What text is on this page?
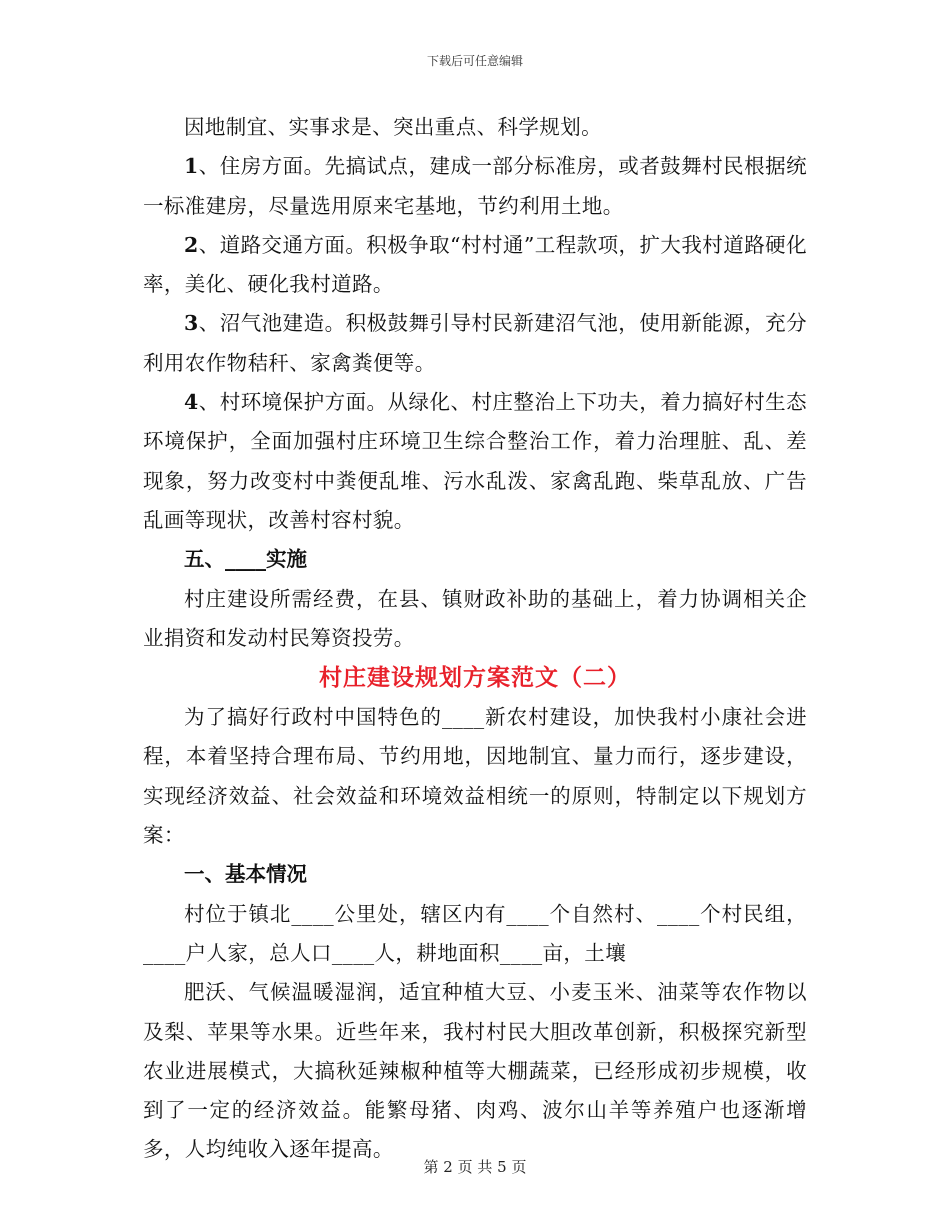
下载后可任意编辑

因地制宜、实事求是、突出重点、科学规划。

1、住房方面。先搞试点，建成一部分标准房，或者鼓舞村民根据统一标准建房，尽量选用原来宅基地，节约利用土地。

2、道路交通方面。积极争取“村村通”工程款项，扩大我村道路硬化率，美化、硬化我村道路。

3、沼气池建造。积极鼓舞引导村民新建沼气池，使用新能源，充分利用农作物秸秆、家禽粪便等。

4、村环境保护方面。从绿化、村庄整治上下功夫，着力搞好村生态环境保护，全面加强村庄环境卫生综合整治工作，着力治理脏、乱、差现象，努力改变村中粪便乱堆、污水乱泼、家禽乱跑、柴草乱放、广告乱画等现状，改善村容村貌。

五、____实施

村庄建设所需经费，在县、镇财政补助的基础上，着力协调相关企业捐资和发动村民筹资投劳。

村庄建设规划方案范文（二）

为了搞好行政村中国特色的____新农村建设，加快我村小康社会进程，本着坚持合理布局、节约用地，因地制宜、量力而行，逐步建设，实现经济效益、社会效益和环境效益相统一的原则，特制定以下规划方案：

一、基本情况

村位于镇北____公里处，辖区内有____个自然村、____个村民组，____户人家，总人口____人，耕地面积____亩，土壤

肥沃、气候温暖湿润，适宜种植大豆、小麦玉米、油菜等农作物以及梨、苹果等水果。近些年来，我村村民大胆改革创新，积极探究新型农业进展模式，大搞秋延辣椒种植等大棚蔬菜，已经形成初步规模，收到了一定的经济效益。能繁母猪、肉鸡、波尔山羊等养殖户也逐渐增多，人均纯收入逐年提高。

第 2 页 共 5 页
